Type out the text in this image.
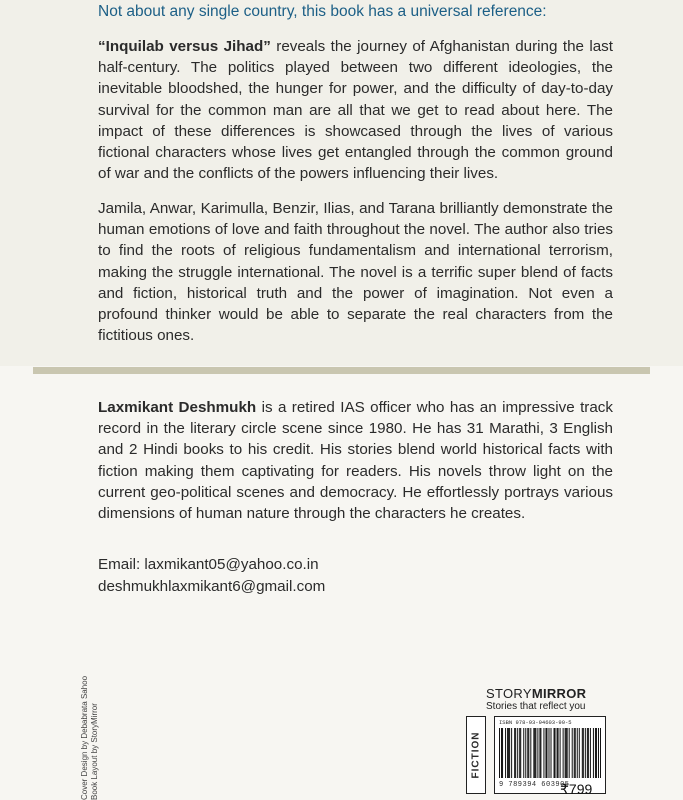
Not about any single country, this book has a universal reference:

“Inquilab versus Jihad” reveals the journey of Afghanistan during the last half-century. The politics played between two different ideologies, the inevitable bloodshed, the hunger for power, and the difficulty of day-to-day survival for the common man are all that we get to read about here. The impact of these differences is showcased through the lives of various fictional characters whose lives get entangled through the common ground of war and the conflicts of the powers influencing their lives.

Jamila, Anwar, Karimulla, Benzir, Ilias, and Tarana brilliantly demonstrate the human emotions of love and faith throughout the novel. The author also tries to find the roots of religious fundamentalism and international terrorism, making the struggle international. The novel is a terrific super blend of facts and fiction, historical truth and the power of imagination. Not even a profound thinker would be able to separate the real characters from the fictitious ones.

Laxmikant Deshmukh is a retired IAS officer who has an impressive track record in the literary circle scene since 1980. He has 31 Marathi, 3 English and 2 Hindi books to his credit. His stories blend world historical facts with fiction making them captivating for readers. His novels throw light on the current geo-political scenes and democracy. He effortlessly portrays various dimensions of human nature through the characters he creates.

Email: laxmikant05@yahoo.co.in
deshmukhlaxmikant6@gmail.com
Cover Design by Debabrata Sahoo Book Layout by StoryMirror
STORYMIRROR
Stories that reflect you
FICTION
ISBN 978-93-94603-90-5
9 789394 603905
₹799
